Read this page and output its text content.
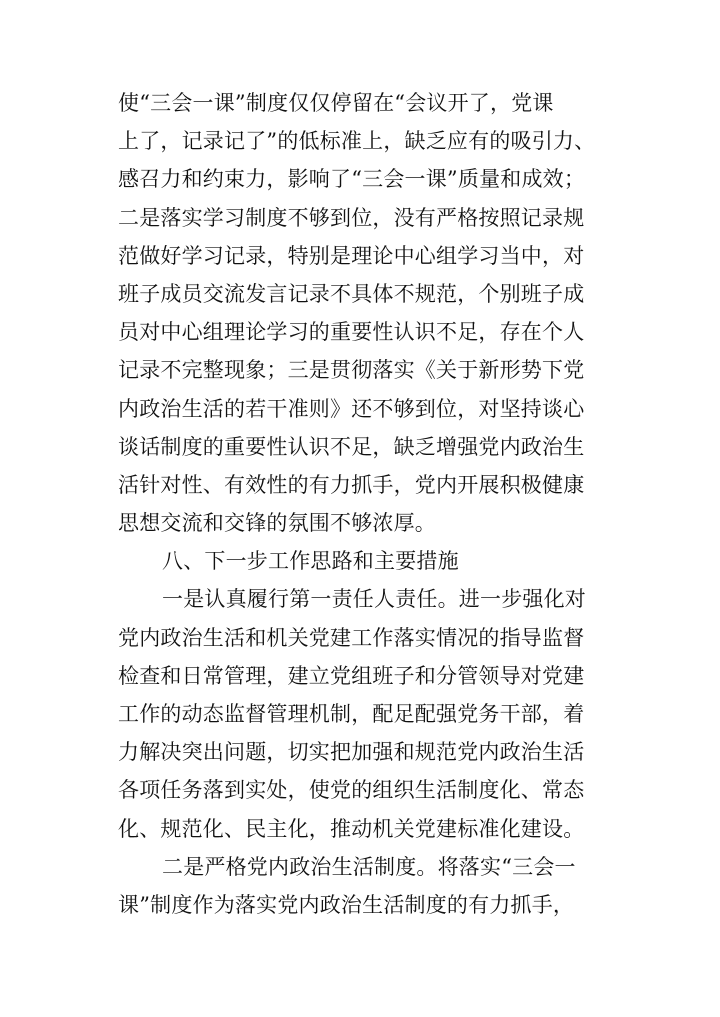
使“三会一课”制度仅仅停留在“会议开了，党课
上了，记录记了”的低标准上，缺乏应有的吸引力、
感召力和约束力，影响了“三会一课”质量和成效；
二是落实学习制度不够到位，没有严格按照记录规
范做好学习记录，特别是理论中心组学习当中，对
班子成员交流发言记录不具体不规范，个别班子成
员对中心组理论学习的重要性认识不足，存在个人
记录不完整现象；三是贯彻落实《关于新形势下党
内政治生活的若干准则》还不够到位，对坚持谈心
谈话制度的重要性认识不足，缺乏增强党内政治生
活针对性、有效性的有力抓手，党内开展积极健康
思想交流和交锋的氛围不够浓厚。
八、下一步工作思路和主要措施
一是认真履行第一责任人责任。进一步强化对
党内政治生活和机关党建工作落实情况的指导监督
检查和日常管理，建立党组班子和分管领导对党建
工作的动态监督管理机制，配足配强党务干部，着
力解决突出问题，切实把加强和规范党内政治生活
各项任务落到实处，使党的组织生活制度化、常态
化、规范化、民主化，推动机关党建标准化建设。
二是严格党内政治生活制度。将落实“三会一
课”制度作为落实党内政治生活制度的有力抓手，
